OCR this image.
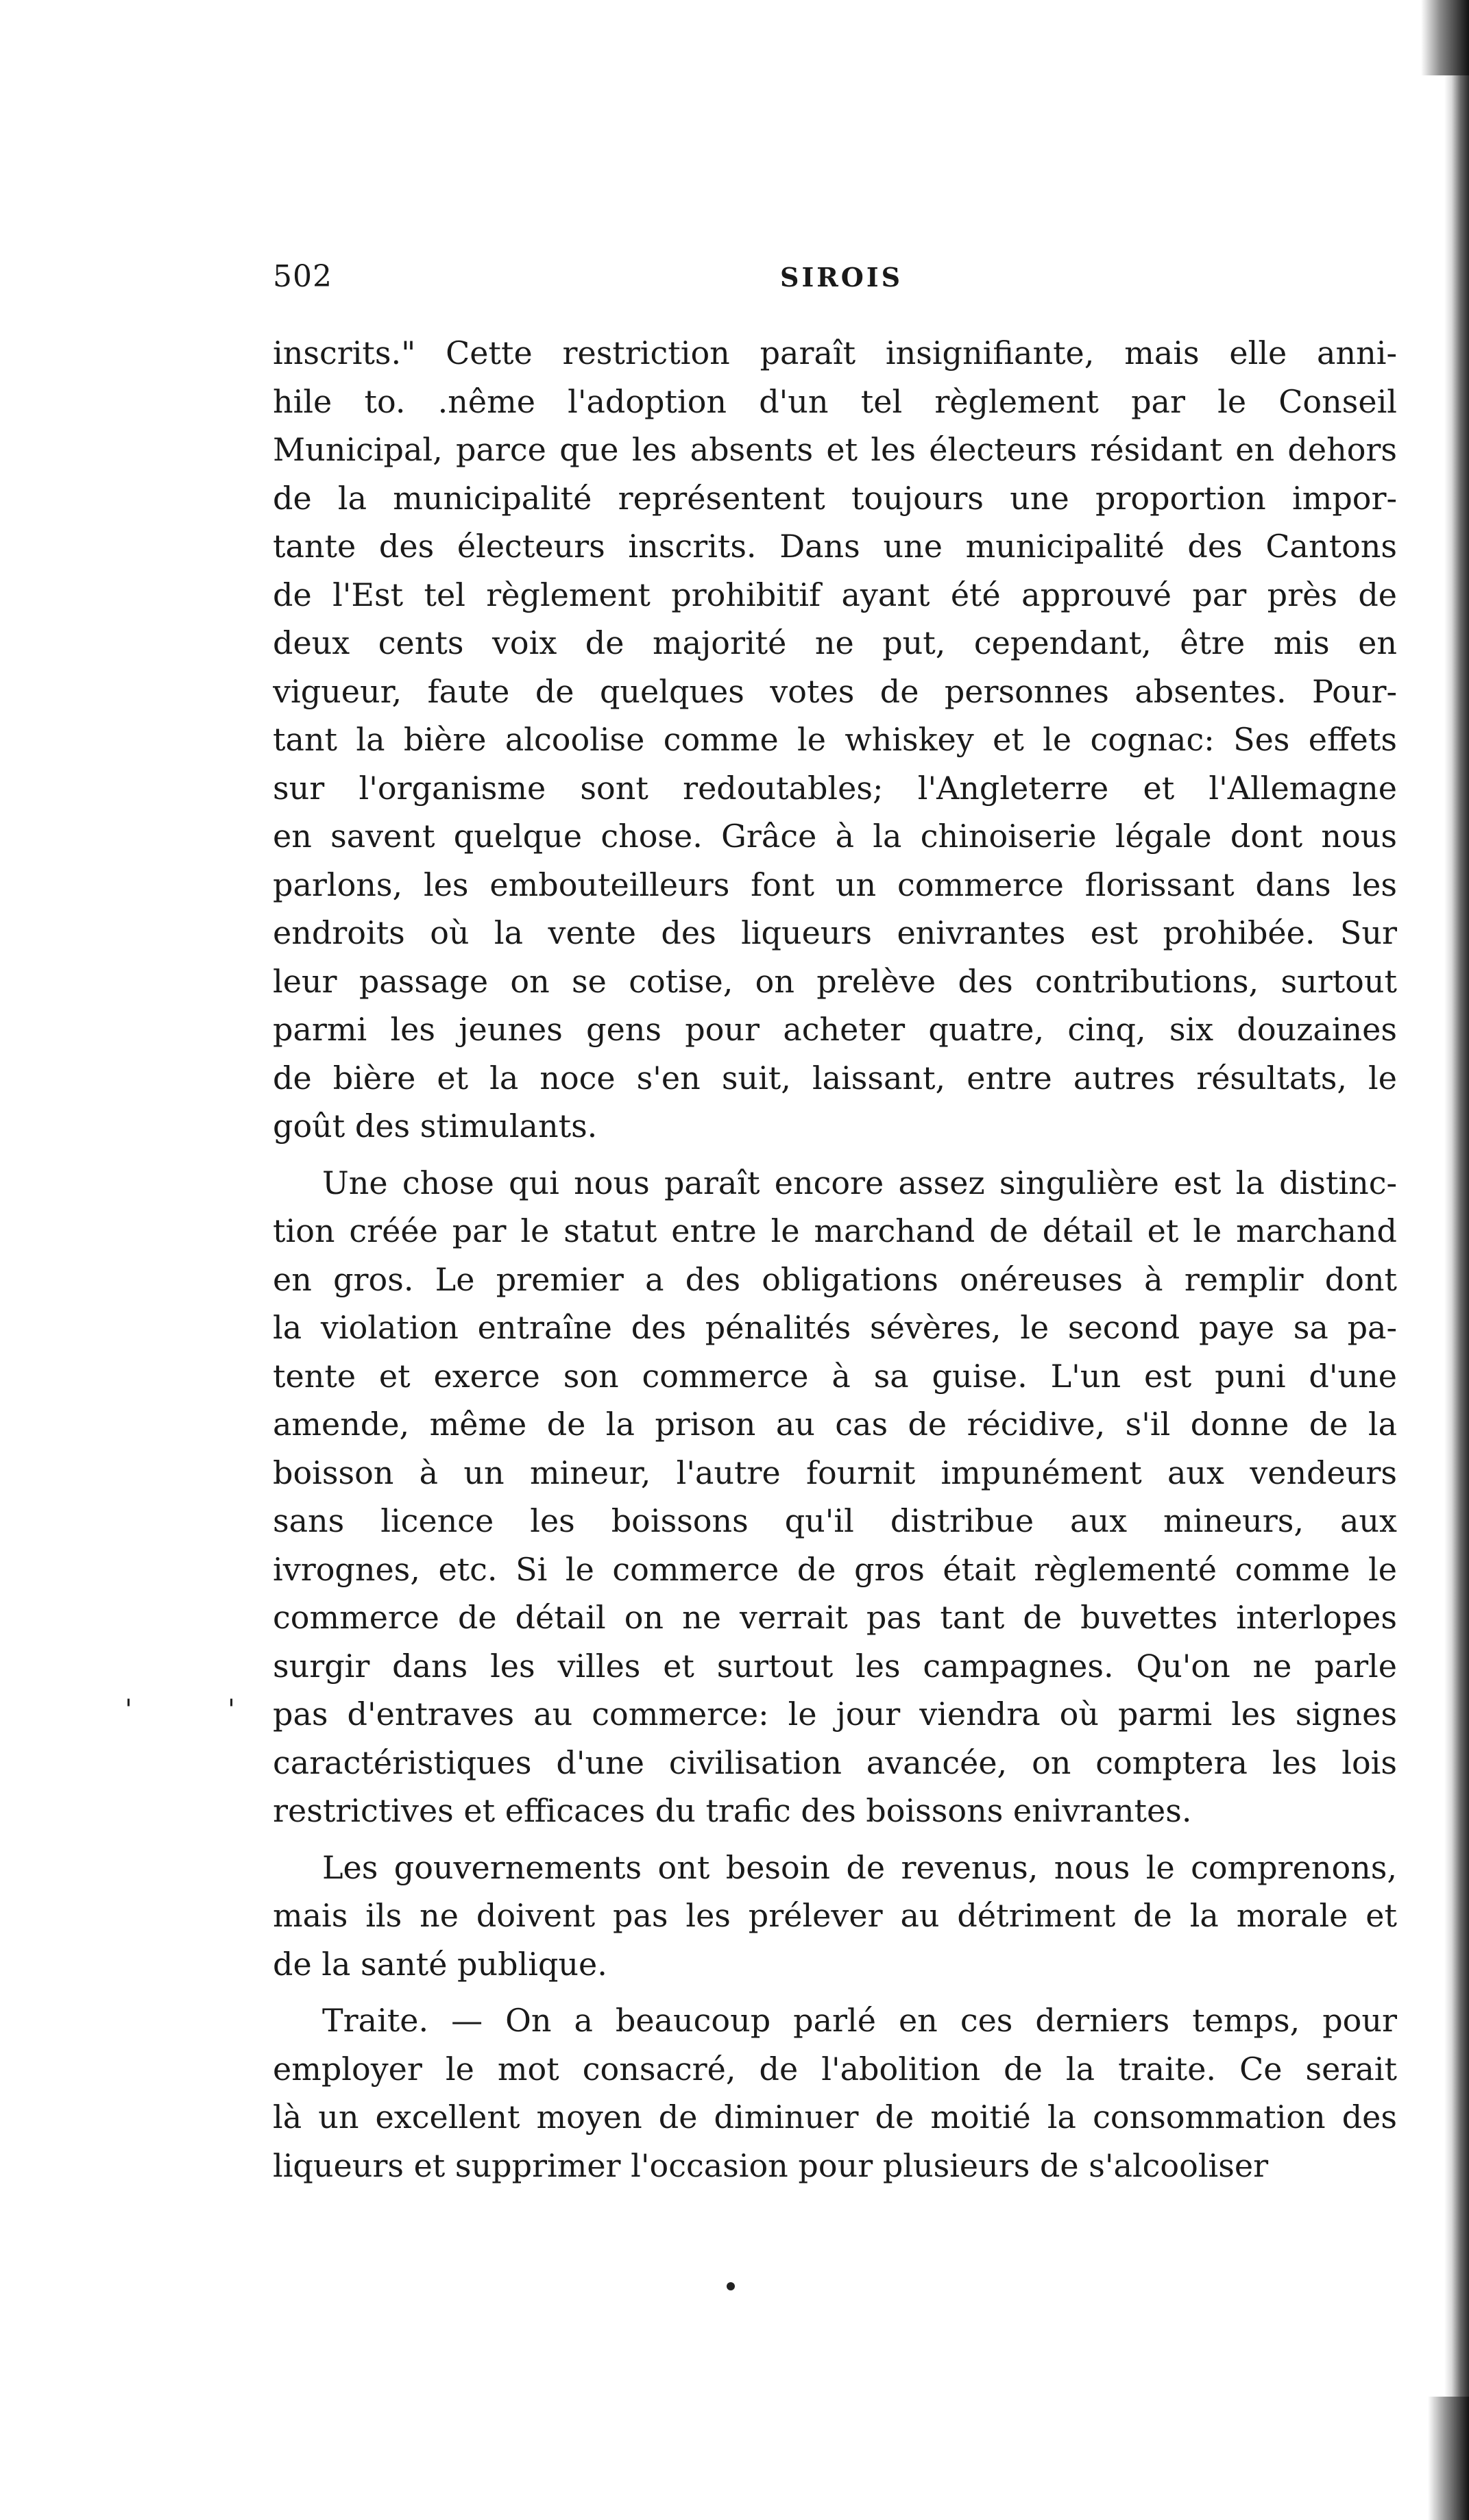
502	SIROIS
'	'
inscrits." Cette restriction paraît insignifiante, mais elle anni-
hile to. .nême l'adoption d'un tel règlement par le Conseil
Municipal, parce que les absents et les électeurs résidant en dehors
de la municipalité représentent toujours une proportion impor-
tante des électeurs inscrits. Dans une municipalité des Cantons
de l'Est tel règlement prohibitif ayant été approuvé par près de
deux cents voix de majorité ne put, cependant, être mis en
vigueur, faute de quelques votes de personnes absentes. Pour-
tant la bière alcoolise comme le whiskey et le cognac: Ses effets
sur l'organisme sont redoutables; l'Angleterre et l'Allemagne
en savent quelque chose. Grâce à la chinoiserie légale dont nous
parlons, les embouteilleurs font un commerce florissant dans les
endroits où la vente des liqueurs enivrantes est prohibée. Sur
leur passage on se cotise, on prelève des contributions, surtout
parmi les jeunes gens pour acheter quatre, cinq, six douzaines
de bière et la noce s'en suit, laissant, entre autres résultats, le
goût des stimulants.
Une chose qui nous paraît encore assez singulière est la distinc-
tion créée par le statut entre le marchand de détail et le marchand
en gros. Le premier a des obligations onéreuses à remplir dont
la violation entraîne des pénalités sévères, le second paye sa pa-
tente et exerce son commerce à sa guise. L'un est puni d'une
amende, même de la prison au cas de récidive, s'il donne de la
boisson à un mineur, l'autre fournit impunément aux vendeurs
sans licence les boissons qu'il distribue aux mineurs, aux
ivrognes, etc. Si le commerce de gros était règlementé comme le
commerce de détail on ne verrait pas tant de buvettes interlopes
surgir dans les villes et surtout les campagnes. Qu'on ne parle
pas d'entraves au commerce: le jour viendra où parmi les signes
caractéristiques d'une civilisation avancée, on comptera les lois
restrictives et efficaces du trafic des boissons enivrantes.
Les gouvernements ont besoin de revenus, nous le comprenons,
mais ils ne doivent pas les prélever au détriment de la morale et
de la santé publique.
Traite. — On a beaucoup parlé en ces derniers temps, pour
employer le mot consacré, de l'abolition de la traite. Ce serait
là un excellent moyen de diminuer de moitié la consommation des
liqueurs et supprimer l'occasion pour plusieurs de s'alcooliser
